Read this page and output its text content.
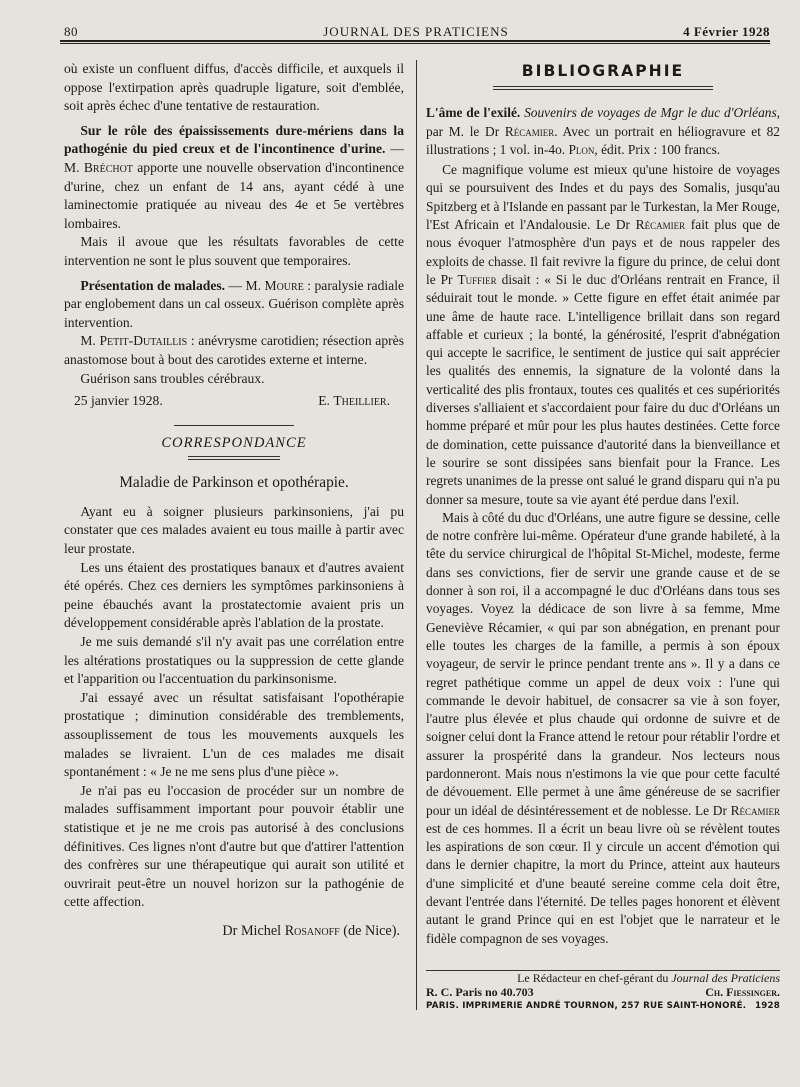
80	JOURNAL DES PRATICIENS	4 Février 1928

où existe un confluent diffus, d'accès difficile, et auxquels il oppose l'extirpation après quadruple ligature, soit d'emblée, soit après échec d'une tentative de restauration.

Sur le rôle des épaississements dure-mériens dans la pathogénie du pied creux et de l'incontinence d'urine. — M. Bréchot apporte une nouvelle observation d'incontinence d'urine, chez un enfant de 14 ans, ayant cédé à une laminectomie pratiquée au niveau des 4e et 5e vertèbres lombaires.

Mais il avoue que les résultats favorables de cette intervention ne sont le plus souvent que temporaires.

Présentation de malades. — M. Moure : paralysie radiale par englobement dans un cal osseux. Guérison complète après intervention.

M. Petit-Dutaillis : anévrysme carotidien; résection après anastomose bout à bout des carotides externe et interne.

Guérison sans troubles cérébraux.

25 janvier 1928.	E. Theillier.
CORRESPONDANCE
Maladie de Parkinson et opothérapie.

Ayant eu à soigner plusieurs parkinsoniens, j'ai pu constater que ces malades avaient eu tous maille à partir avec leur prostate.

Les uns étaient des prostatiques banaux et d'autres avaient été opérés. Chez ces derniers les symptômes parkinsoniens à peine ébauchés avant la prostatectomie avaient pris un développement considérable après l'ablation de la prostate.

Je me suis demandé s'il n'y avait pas une corrélation entre les altérations prostatiques ou la suppression de cette glande et l'apparition ou l'accentuation du parkinsonisme.

J'ai essayé avec un résultat satisfaisant l'opothérapie prostatique ; diminution considérable des tremblements, assouplissement de tous les mouvements auxquels les malades se livraient. L'un de ces malades me disait spontanément : « Je ne me sens plus d'une pièce ».

Je n'ai pas eu l'occasion de procéder sur un nombre de malades suffisamment important pour pouvoir établir une statistique et je ne me crois pas autorisé à des conclusions définitives. Ces lignes n'ont d'autre but que d'attirer l'attention des confrères sur une thérapeutique qui aurait son utilité et ouvrirait peut-être un nouvel horizon sur la pathogénie de cette affection.

Dr Michel Rosanoff (de Nice).
BIBLIOGRAPHIE

L'âme de l'exilé. Souvenirs de voyages de Mgr le duc d'Orléans, par M. le Dr Récamier. Avec un portrait en héliogravure et 82 illustrations ; 1 vol. in-4o. Plon, édit. Prix : 100 francs.

Ce magnifique volume est mieux qu'une histoire de voyages qui se poursuivent des Indes et du pays des Somalis, jusqu'au Spitzberg et à l'Islande en passant par le Turkestan, la Mer Rouge, l'Est Africain et l'Andalousie. Le Dr Récamier fait plus que de nous évoquer l'atmosphère d'un pays et de nous rappeler des exploits de chasse. Il fait revivre la figure du prince, de celui dont le Pr Tuffier disait : « Si le duc d'Orléans rentrait en France, il séduirait tout le monde. » Cette figure en effet était animée par une âme de haute race. L'intelligence brillait dans son regard affable et curieux ; la bonté, la générosité, l'esprit d'abnégation qui accepte le sacrifice, le sentiment de justice qui sait apprécier les qualités des ennemis, la signature de la volonté dans la verticalité des plis frontaux, toutes ces qualités et ces supériorités diverses s'alliaient et s'accordaient pour faire du duc d'Orléans un homme préparé et mûr pour les plus hautes destinées. Cette force de domination, cette puissance d'autorité dans la bienveillance et le sourire se sont dissipées sans bienfait pour la France. Les regrets unanimes de la presse ont salué le grand disparu qui n'a pu donner sa mesure, toute sa vie ayant été perdue dans l'exil.

Mais à côté du duc d'Orléans, une autre figure se dessine, celle de notre confrère lui-même. Opérateur d'une grande habileté, à la tête du service chirurgical de l'hôpital St-Michel, modeste, ferme dans ses convictions, fier de servir une grande cause et de se donner à son roi, il a accompagné le duc d'Orléans dans tous ses voyages. Voyez la dédicace de son livre à sa femme, Mme Geneviève Récamier, « qui par son abnégation, en prenant pour elle toutes les charges de la famille, a permis à son époux voyageur, de servir le prince pendant trente ans ». Il y a dans ce regret pathétique comme un appel de deux voix : l'une qui commande le devoir habituel, de consacrer sa vie à son foyer, l'autre plus élevée et plus chaude qui ordonne de suivre et de soigner celui dont la France attend le retour pour rétablir l'ordre et assurer la prospérité dans la grandeur. Nos lecteurs nous pardonneront. Mais nous n'estimons la vie que pour cette faculté de dévouement. Elle permet à une âme généreuse de se sacrifier pour un idéal de désintéressement et de noblesse. Le Dr Récamier est de ces hommes. Il a écrit un beau livre où se révèlent toutes les aspirations de son cœur. Il y circule un accent d'émotion qui dans le dernier chapitre, la mort du Prince, atteint aux hauteurs d'une simplicité et d'une beauté sereine comme cela doit être, devant l'entrée dans l'éternité. De telles pages honorent et élèvent autant le grand Prince qui en est l'objet que le narrateur et le fidèle compagnon de ses voyages.

Le Rédacteur en chef-gérant du Journal des Praticiens
R. C. Paris no 40.703	Ch. Fiessinger.
PARIS. IMPRIMERIE ANDRÉ TOURNON, 257 RUE SAINT-HONORÉ. 1928
